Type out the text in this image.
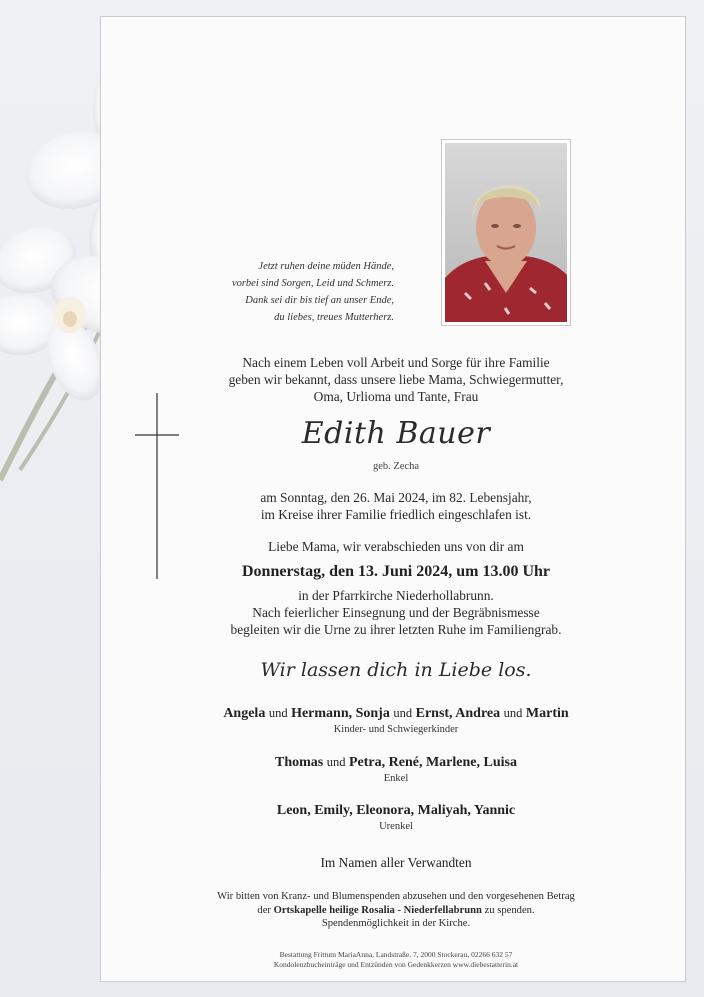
Jetzt ruhen deine müden Hände,
vorbei sind Sorgen, Leid und Schmerz.
Dank sei dir bis tief an unser Ende,
du liebes, treues Mutterherz.
Nach einem Leben voll Arbeit und Sorge für ihre Familie
geben wir bekannt, dass unsere liebe Mama, Schwiegermutter,
Oma, Urlioma und Tante, Frau
Edith Bauer
geb. Zecha
am Sonntag, den 26. Mai 2024, im 82. Lebensjahr,
im Kreise ihrer Familie friedlich eingeschlafen ist.
Liebe Mama, wir verabschieden uns von dir am
Donnerstag, den 13. Juni 2024, um 13.00 Uhr
in der Pfarrkirche Niederhollabrunn.
Nach feierlicher Einsegnung und der Begräbnismesse
begleiten wir die Urne zu ihrer letzten Ruhe im Familiengrab.
Wir lassen dich in Liebe los.
Angela und Hermann, Sonja und Ernst, Andrea und Martin
Kinder- und Schwiegerkinder
Thomas und Petra, René, Marlene, Luisa
Enkel
Leon, Emily, Eleonora, Maliyah, Yannic
Urenkel
Im Namen aller Verwandten
Wir bitten von Kranz- und Blumenspenden abzusehen und den vorgesehenen Betrag
der Ortskapelle heilige Rosalia - Niederfellabrunn zu spenden.
Spendenmöglichkeit in der Kirche.
Bestattung Frittum MariaAnna, Landstraße. 7, 2000 Stockerau, 02266 632 57
Kondolenzbucheinträge und Entzünden von Gedenkkerzen www.diebestatterin.at
